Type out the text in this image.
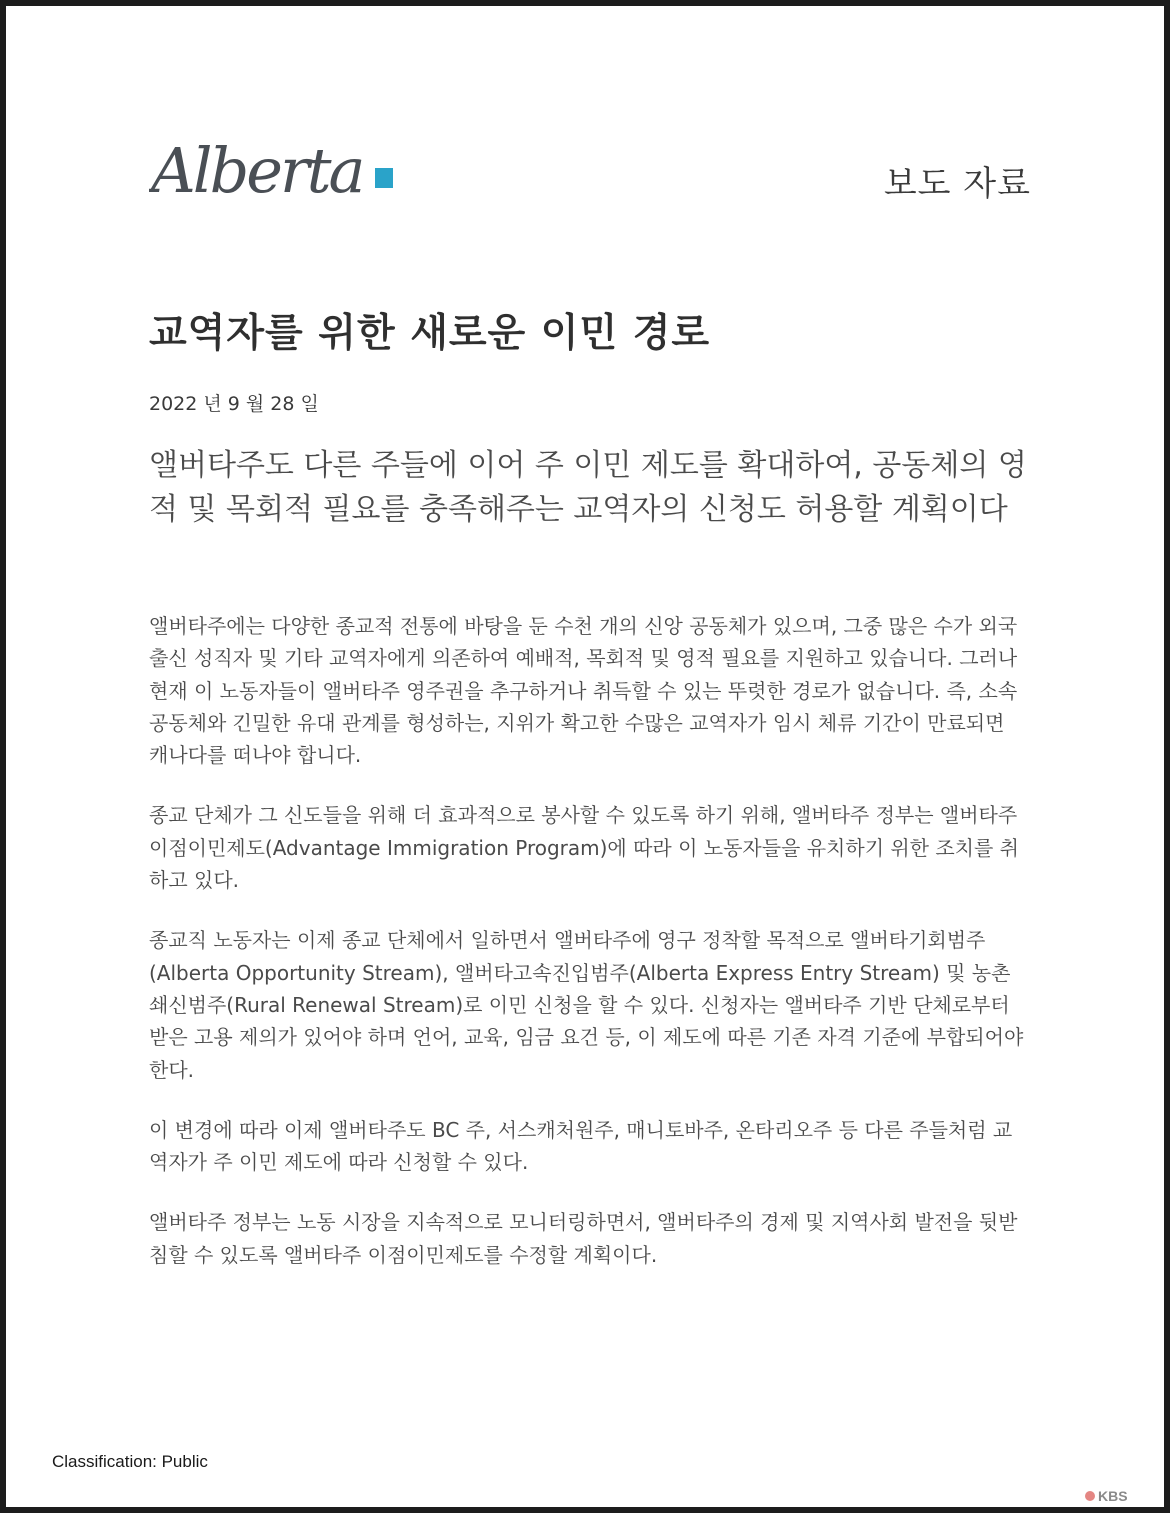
Alberta	보도 자료
교역자를 위한 새로운 이민 경로
2022 년 9 월 28 일
앨버타주도 다른 주들에 이어 주 이민 제도를 확대하여, 공동체의 영적 및 목회적 필요를 충족해주는 교역자의 신청도 허용할 계획이다

앨버타주에는 다양한 종교적 전통에 바탕을 둔 수천 개의 신앙 공동체가 있으며, 그중 많은 수가 외국 출신 성직자 및 기타 교역자에게 의존하여 예배적, 목회적 및 영적 필요를 지원하고 있습니다. 그러나 현재 이 노동자들이 앨버타주 영주권을 추구하거나 취득할 수 있는 뚜렷한 경로가 없습니다. 즉, 소속 공동체와 긴밀한 유대 관계를 형성하는, 지위가 확고한 수많은 교역자가 임시 체류 기간이 만료되면 캐나다를 떠나야 합니다.

종교 단체가 그 신도들을 위해 더 효과적으로 봉사할 수 있도록 하기 위해, 앨버타주 정부는 앨버타주 이점이민제도(Advantage Immigration Program)에 따라 이 노동자들을 유치하기 위한 조치를 취하고 있다.

종교직 노동자는 이제 종교 단체에서 일하면서 앨버타주에 영구 정착할 목적으로 앨버타기회범주(Alberta Opportunity Stream), 앨버타고속진입범주(Alberta Express Entry Stream) 및 농촌쇄신범주(Rural Renewal Stream)로 이민 신청을 할 수 있다. 신청자는 앨버타주 기반 단체로부터 받은 고용 제의가 있어야 하며 언어, 교육, 임금 요건 등, 이 제도에 따른 기존 자격 기준에 부합되어야 한다.

이 변경에 따라 이제 앨버타주도 BC 주, 서스캐처원주, 매니토바주, 온타리오주 등 다른 주들처럼 교역자가 주 이민 제도에 따라 신청할 수 있다.

앨버타주 정부는 노동 시장을 지속적으로 모니터링하면서, 앨버타주의 경제 및 지역사회 발전을 뒷받침할 수 있도록 앨버타주 이점이민제도를 수정할 계획이다.

Classification: Public
KBS
